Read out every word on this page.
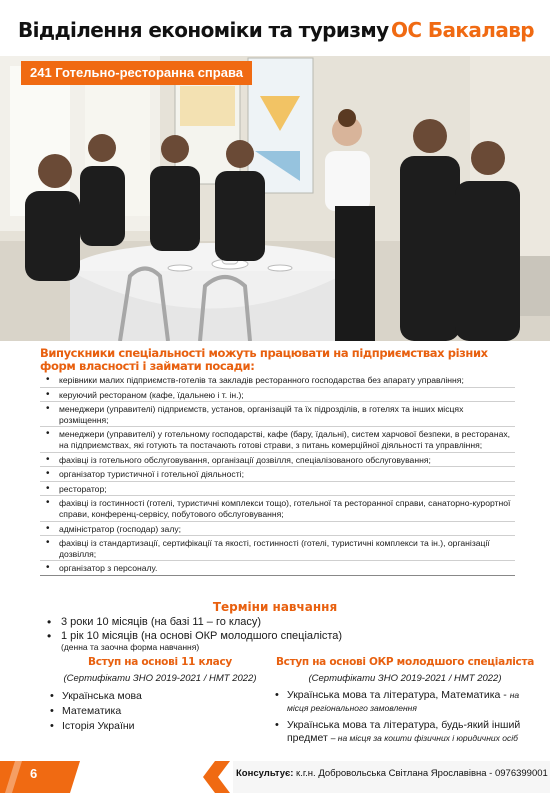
Відділення економіки та туризму ОС Бакалавр
241 Готельно-ресторанна справа
Випускники спеціальності можуть працювати на підприємствах різних форм власності і займати посади:
• керівники малих підприємств-готелів та закладів ресторанного господарства без апарату управління;
• керуючий рестораном (кафе, їдальнею і т. ін.);
• менеджери (управителі) підприємств, установ, організацій та їх підрозділів, в готелях та інших місцях розміщення;
• менеджери (управителі) у готельному господарстві, кафе (бару, їдальні), систем харчової безпеки, в ресторанах, на підприємствах, які готують та постачають готові страви, з питань комерційної діяльності та управління;
• фахівці із готельного обслуговування, організації дозвілля, спеціалізованого обслуговування;
• організатор туристичної і готельної діяльності;
• ресторатор;
• фахівці із гостинності (готелі, туристичні комплекси тощо), готельної та ресторанної справи, санаторно-курортної справи, конференц-сервісу, побутового обслуговування;
• адміністратор (господар) залу;
• фахівці із стандартизації, сертифікації та якості, гостинності (готелі, туристичні комплекси та ін.), організації дозвілля;
• організатор з персоналу.
Терміни навчання
• 3 роки 10 місяців (на базі 11 – го класу)
• 1 рік 10 місяців (на основі ОКР молодшого спеціаліста)
(денна та заочна форма навчання)
Вступ на основі 11 класу
(Сертифікати ЗНО 2019-2021 / НМТ 2022)
• Українська мова
• Математика
• Історія України
Вступ на основі ОКР молодшого спеціаліста
(Сертифікати ЗНО 2019-2021 / НМТ 2022)
• Українська мова та література, Математика - на місця регіонального замовлення
• Українська мова та література, будь-який інший предмет – на місця за кошти фізичних і юридичних осіб
6	Консультує: к.г.н. Добровольська Світлана Ярославівна - 0976399001
